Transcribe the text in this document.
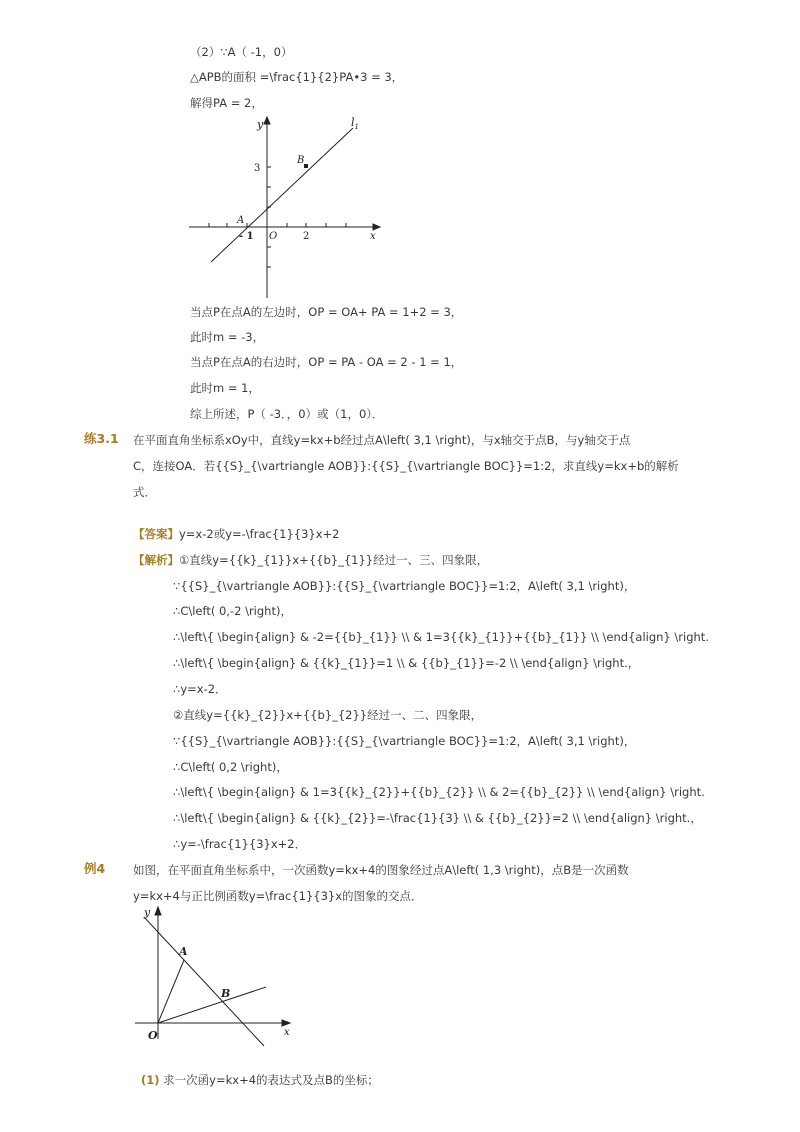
（2）∵A（ -1，0）
△APB的面积 =\frac{1}{2}PA•3 = 3，
解得PA = 2，
y
x
$l_1$
B
A
O
3
2
- 1
当点P在点A的左边时，OP = OA+ PA = 1+2 = 3，
此时m = -3，
当点P在点A的右边时，OP = PA - OA = 2 - 1 = 1，
此时m = 1，
综上所述，P（ -3．，0）或（1，0）．
练3.1 在平面直角坐标系xOy中，直线y=kx+b经过点A\left( 3,1 \right)，与x轴交于点B，与y轴交于点
C，连接OA．若{{S}_{\vartriangle AOB}}:{{S}_{\vartriangle BOC}}=1:2，求直线y=kx+b的解析
式．
【答案】y=x-2或y=-\frac{1}{3}x+2
【解析】①直线y={{k}_{1}}x+{{b}_{1}}经过一、三、四象限，
∵{{S}_{\vartriangle AOB}}:{{S}_{\vartriangle BOC}}=1:2，A\left( 3,1 \right)，
∴C\left( 0,-2 \right)，
∴\left\{ \begin{align} & -2={{b}_{1}} \\ & 1=3{{k}_{1}}+{{b}_{1}} \\ \end{align} \right.
∴\left\{ \begin{align} & {{k}_{1}}=1 \\ & {{b}_{1}}=-2 \\ \end{align} \right.，
∴y=x-2．
②直线y={{k}_{2}}x+{{b}_{2}}经过一、二、四象限，
∵{{S}_{\vartriangle AOB}}:{{S}_{\vartriangle BOC}}=1:2，A\left( 3,1 \right)，
∴C\left( 0,2 \right)，
∴\left\{ \begin{align} & 1=3{{k}_{2}}+{{b}_{2}} \\ & 2={{b}_{2}} \\ \end{align} \right.
∴\left\{ \begin{align} & {{k}_{2}}=-\frac{1}{3} \\ & {{b}_{2}}=2 \\ \end{align} \right.，
∴y=-\frac{1}{3}x+2．
例4 如图，在平面直角坐标系中，一次函数y=kx+4的图象经过点A\left( 1,3 \right)，点B是一次函数
y=kx+4与正比例函数y=\frac{1}{3}x的图象的交点．
y
x
A
B
O
(1) 求一次函y=kx+4的表达式及点B的坐标；
